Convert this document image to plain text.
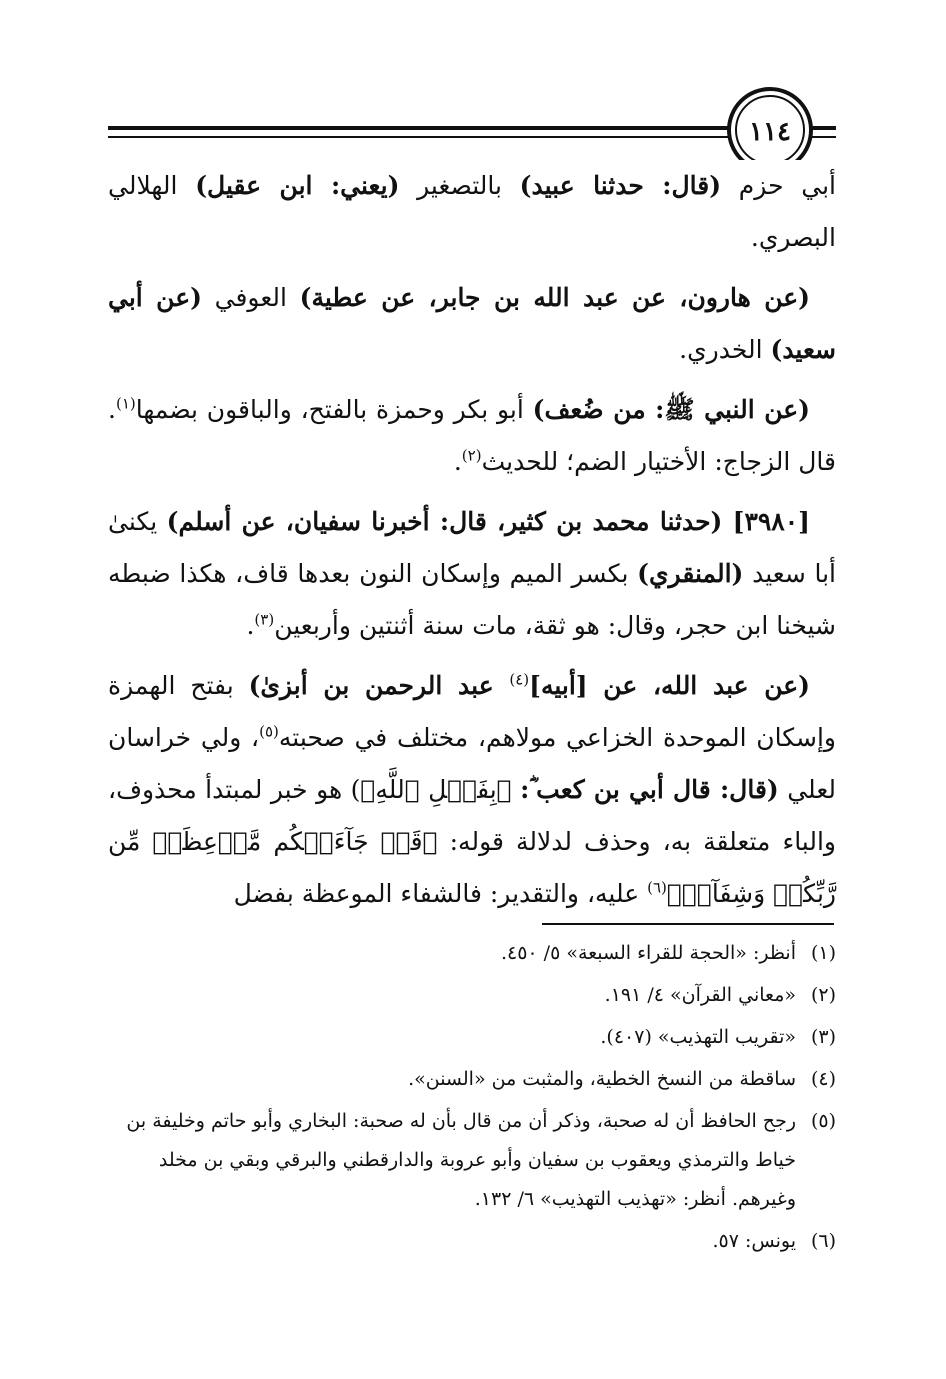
١١٤

أبي حزم (قال: حدثنا عبيد) بالتصغير (يعني: ابن عقيل) الهلالي البصري.

(عن هارون، عن عبد الله بن جابر، عن عطية) العوفي (عن أبي سعيد) الخدري.

(عن النبي ﷺ: من ضُعف) أبو بكر وحمزة بالفتح، والباقون بضمها$^{(١)}$. قال الزجاج: الأختيار الضم؛ للحديث$^{(٢)}$.

[٣٩٨٠] (حدثنا محمد بن كثير، قال: أخبرنا سفيان، عن أسلم) يكنىٰ أبا سعيد (المنقري) بكسر الميم وإسكان النون بعدها قاف، هكذا ضبطه شيخنا ابن حجر، وقال: هو ثقة، مات سنة أثنتين وأربعين$^{(٣)}$.

(عن عبد الله، عن [أبيه]$^{(٤)}$ عبد الرحمن بن أبزىٰ) بفتح الهمزة وإسكان الموحدة الخزاعي مولاهم، مختلف في صحبته$^{(٥)}$، ولي خراسان لعلي (قال: قال أبي بن كعب ؓ: ﴿بِفَضۡلِ ٱللَّهِ﴾) هو خبر لمبتدأ محذوف، والباء متعلقة به، وحذف لدلالة قوله: ﴿قَدۡ جَآءَتۡكُم مَّوۡعِظَةٞ مِّن رَّبِّكُمۡ وَشِفَآءٞ﴾$^{(٦)}$ عليه، والتقدير: فالشفاء الموعظة بفضل

(١)
أنظر: «الحجة للقراء السبعة» ٥/ ٤٥٠.
(٢)
«معاني القرآن» ٤/ ١٩١.
(٣)
«تقريب التهذيب» (٤٠٧).
(٤)
ساقطة من النسخ الخطية، والمثبت من «السنن».
(٥)
رجح الحافظ أن له صحبة، وذكر أن من قال بأن له صحبة: البخاري وأبو حاتم وخليفة بن خياط والترمذي ويعقوب بن سفيان وأبو عروبة والدارقطني والبرقي وبقي بن مخلد وغيرهم. أنظر: «تهذيب التهذيب» ٦/ ١٣٢.
(٦)
يونس: ٥٧.
